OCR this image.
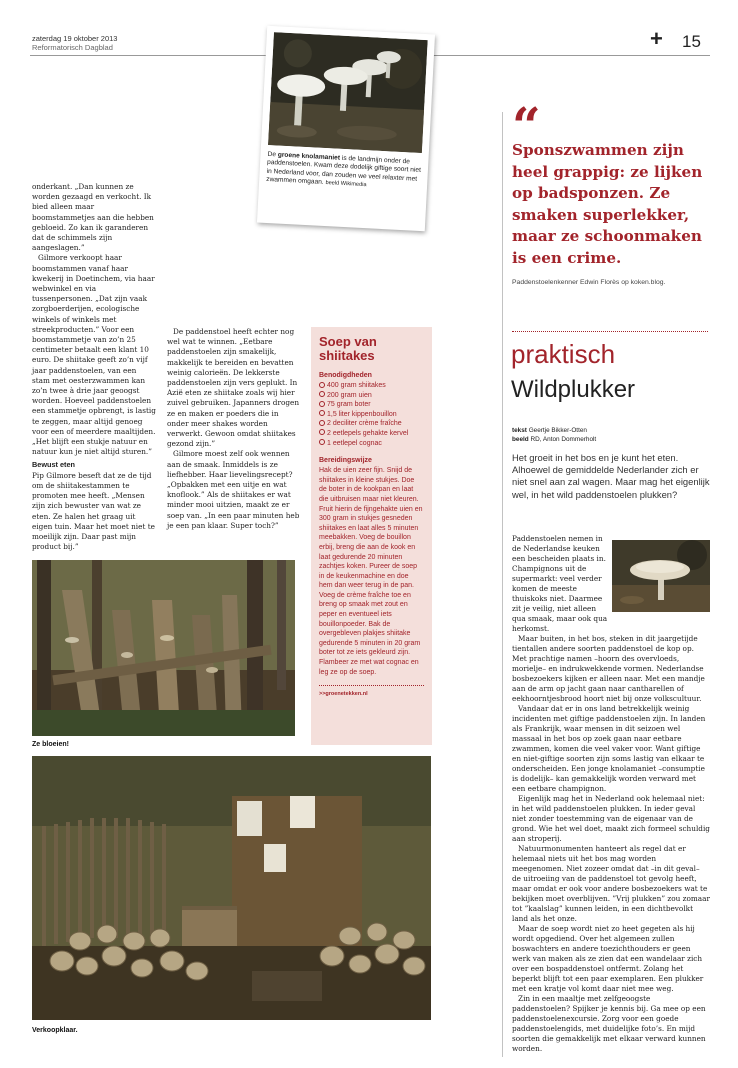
zaterdag 19 oktober 2013
Reformatorisch Dagblad	+ 15

onderkant. „Dan kunnen ze worden gezaagd en verkocht. Ik bied alleen maar boomstammetjes aan die hebben gebloeid. Zo kan ik garanderen dat de schimmels zijn aangeslagen.”

Gilmore verkoopt haar boomstammen vanaf haar kwekerij in Doetinchem, via haar webwinkel en via tussenpersonen. „Dat zijn vaak zorgboerderijen, ecologische winkels of winkels met streekproducten.” Voor een boomstammetje van zo’n 25 centimeter betaalt een klant 10 euro. De shiitake geeft zo’n vijf jaar paddenstoelen, van een stam met oesterzwammen kan zo’n twee à drie jaar geoogst worden. Hoeveel paddenstoelen een stammetje opbrengt, is lastig te zeggen, maar altijd genoeg voor een of meerdere maaltijden. „Het blijft een stukje natuur en natuur kun je niet altijd sturen.”

Bewust eten

Pip Gilmore beseft dat ze de tijd om de shiitakestammen te promoten mee heeft. „Mensen zijn zich bewuster van wat ze eten. Ze halen het graag uit eigen tuin. Maar het moet niet te moeilijk zijn. Daar past mijn product bij.”

De paddenstoel heeft echter nog wel wat te winnen. „Eetbare paddenstoelen zijn smakelijk, makkelijk te bereiden en bevatten weinig calorieën. De lekkerste paddenstoelen zijn vers geplukt. In Azië eten ze shiitake zoals wij hier zuivel gebruiken. Japanners drogen ze en maken er poeders die in onder meer shakes worden verwerkt. Gewoon omdat shiitakes gezond zijn.”

Gilmore moest zelf ook wennen aan de smaak. Inmiddels is ze liefhebber. Haar lievelingsrecept? „Opbakken met een uitje en wat knoflook.” Als de shiitakes er wat minder mooi uitzien, maakt ze er soep van. „In een paar minuten heb je een pan klaar. Super toch?”

De groene knolamaniet is de landmijn onder de paddenstoelen. Kwam deze dodelijk giftige soort niet in Nederland voor, dan zouden we veel relaxter met zwammen omgaan. beeld Wikimedia
Soep van shiitakes
Benodigdheden
400 gram shiitakes
200 gram uien
75 gram boter
1,5 liter kippenbouillon
2 deciliter crème fraîche
2 eetlepels gehakte kervel
1 eetlepel cognac
Bereidingswijze
Hak de uien zeer fijn. Snijd de shiitakes in kleine stukjes. Doe de boter in de kookpan en laat die uitbruisen maar niet kleuren. Fruit hierin de fijngehakte uien en 300 gram in stukjes gesneden shiitakes en laat alles 5 minuten meebakken. Voeg de bouillon erbij, breng die aan de kook en laat gedurende 20 minuten zachtjes koken. Pureer de soep in de keukenmachine en doe hem dan weer terug in de pan. Voeg de crème fraîche toe en breng op smaak met zout en peper en eventueel iets bouillonpoeder. Bak de overgebleven plakjes shiitake gedurende 5 minuten in 20 gram boter tot ze iets gekleurd zijn. Flambeer ze met wat cognac en leg ze op de soep.
>>groenetekken.nl
Ze bloeien!
Verkoopklaar.
“
Sponszwammen zijn heel grappig: ze lijken op badsponzen. Ze smaken superlekker, maar ze schoonmaken is een crime.
Paddenstoelenkenner Edwin Florès op koken.blog.
praktisch
Wildplukker
tekst Geertje Bikker-Otten
beeld RD, Anton Dommerholt
Het groeit in het bos en je kunt het eten. Alhoewel de gemiddelde Nederlander zich er niet snel aan zal wagen. Maar mag het eigenlijk wel, in het wild paddenstoelen plukken?

Paddenstoelen nemen in de Nederlandse keuken een bescheiden plaats in. Champignons uit de supermarkt: veel verder komen de meeste thuiskoks niet. Daarmee zit je veilig, niet alleen qua smaak, maar ook qua herkomst.

Maar buiten, in het bos, steken in dit jaargetijde tientallen andere soorten paddenstoel de kop op. Met prachtige namen –hoorn des overvloeds, morielje– en indrukwekkende vormen. Nederlandse bosbezoekers kijken er alleen naar. Met een mandje aan de arm op jacht gaan naar cantharellen of eekhoorntjesbrood hoort niet bij onze volkscultuur.

Vandaar dat er in ons land betrekkelijk weinig incidenten met giftige paddenstoelen zijn. In landen als Frankrijk, waar mensen in dit seizoen wel massaal in het bos op zoek gaan naar eetbare zwammen, komen die veel vaker voor. Want giftige en niet-giftige soorten zijn soms lastig van elkaar te onderscheiden. Een jonge knolamaniet –consumptie is dodelijk– kan gemakkelijk worden verward met een eetbare champignon.

Eigenlijk mag het in Nederland ook helemaal niet: in het wild paddenstoelen plukken. In ieder geval niet zonder toestemming van de eigenaar van de grond. Wie het wel doet, maakt zich formeel schuldig aan stroperij.

Natuurmonumenten hanteert als regel dat er helemaal niets uit het bos mag worden meegenomen. Niet zozeer omdat dat –in dit geval– de uitroeiing van de paddenstoel tot gevolg heeft, maar omdat er ook voor andere bosbezoekers wat te bekijken moet overblijven. ”Vrij plukken” zou zomaar tot ”kaalslag” kunnen leiden, in een dichtbevolkt land als het onze.

Maar de soep wordt niet zo heet gegeten als hij wordt opgediend. Over het algemeen zullen boswachters en andere toezichthouders er geen werk van maken als ze zien dat een wandelaar zich over een bospaddenstoel ontfermt. Zolang het beperkt blijft tot een paar exemplaren. Een plukker met een kratje vol komt daar niet mee weg.

Zin in een maaltje met zelfgeoogste paddenstoelen? Spijker je kennis bij. Ga mee op een paddenstoelenexcursie. Zorg voor een goede paddenstoelengids, met duidelijke foto’s. En mijd soorten die gemakkelijk met elkaar verward kunnen worden.
